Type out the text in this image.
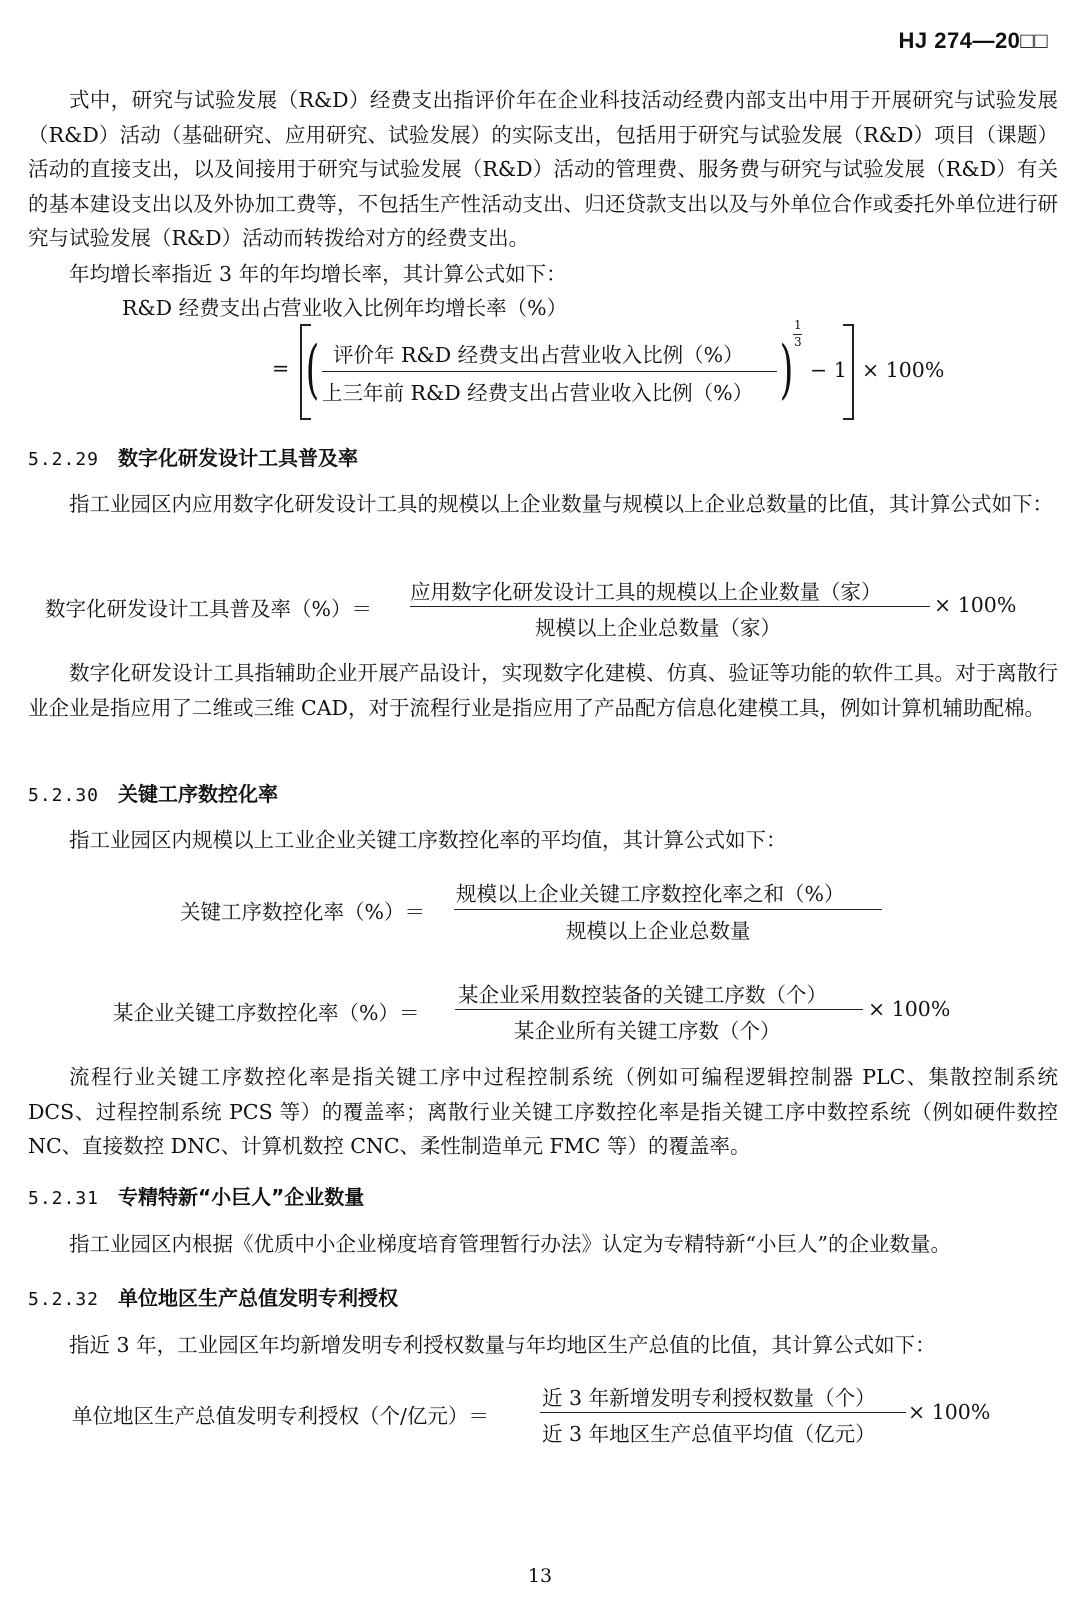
HJ 274—20□□
式中，研究与试验发展（R&D）经费支出指评价年在企业科技活动经费内部支出中用于开展研究与试验发展（R&D）活动（基础研究、应用研究、试验发展）的实际支出，包括用于研究与试验发展（R&D）项目（课题）活动的直接支出，以及间接用于研究与试验发展（R&D）活动的管理费、服务费与研究与试验发展（R&D）有关的基本建设支出以及外协加工费等，不包括生产性活动支出、归还贷款支出以及与外单位合作或委托外单位进行研究与试验发展（R&D）活动而转拨给对方的经费支出。
年均增长率指近 3 年的年均增长率，其计算公式如下：
R&D 经费支出占营业收入比例年均增长率（%）
= ( 评价年 R&D 经费支出占营业收入比例（%）
上三年前 R&D 经费支出占营业收入比例（%） )
1
3
− 1 × 100%
5.2.29 数字化研发设计工具普及率
指工业园区内应用数字化研发设计工具的规模以上企业数量与规模以上企业总数量的比值，其计算公式如下：
数字化研发设计工具普及率（%）＝
应用数字化研发设计工具的规模以上企业数量（家）
规模以上企业总数量（家）
× 100%
数字化研发设计工具指辅助企业开展产品设计，实现数字化建模、仿真、验证等功能的软件工具。对于离散行业企业是指应用了二维或三维 CAD，对于流程行业是指应用了产品配方信息化建模工具，例如计算机辅助配棉。
5.2.30 关键工序数控化率
指工业园区内规模以上工业企业关键工序数控化率的平均值，其计算公式如下：
关键工序数控化率（%）＝
规模以上企业关键工序数控化率之和（%）
规模以上企业总数量
某企业关键工序数控化率（%）＝
某企业采用数控装备的关键工序数（个）
某企业所有关键工序数（个）
× 100%
流程行业关键工序数控化率是指关键工序中过程控制系统（例如可编程逻辑控制器 PLC、集散控制系统 DCS、过程控制系统 PCS 等）的覆盖率；离散行业关键工序数控化率是指关键工序中数控系统（例如硬件数控 NC、直接数控 DNC、计算机数控 CNC、柔性制造单元 FMC 等）的覆盖率。
5.2.31 专精特新“小巨人”企业数量
指工业园区内根据《优质中小企业梯度培育管理暂行办法》认定为专精特新“小巨人”的企业数量。
5.2.32 单位地区生产总值发明专利授权
指近 3 年，工业园区年均新增发明专利授权数量与年均地区生产总值的比值，其计算公式如下：
单位地区生产总值发明专利授权（个/亿元）＝
近 3 年新增发明专利授权数量（个）
近 3 年地区生产总值平均值（亿元）
× 100%
13
